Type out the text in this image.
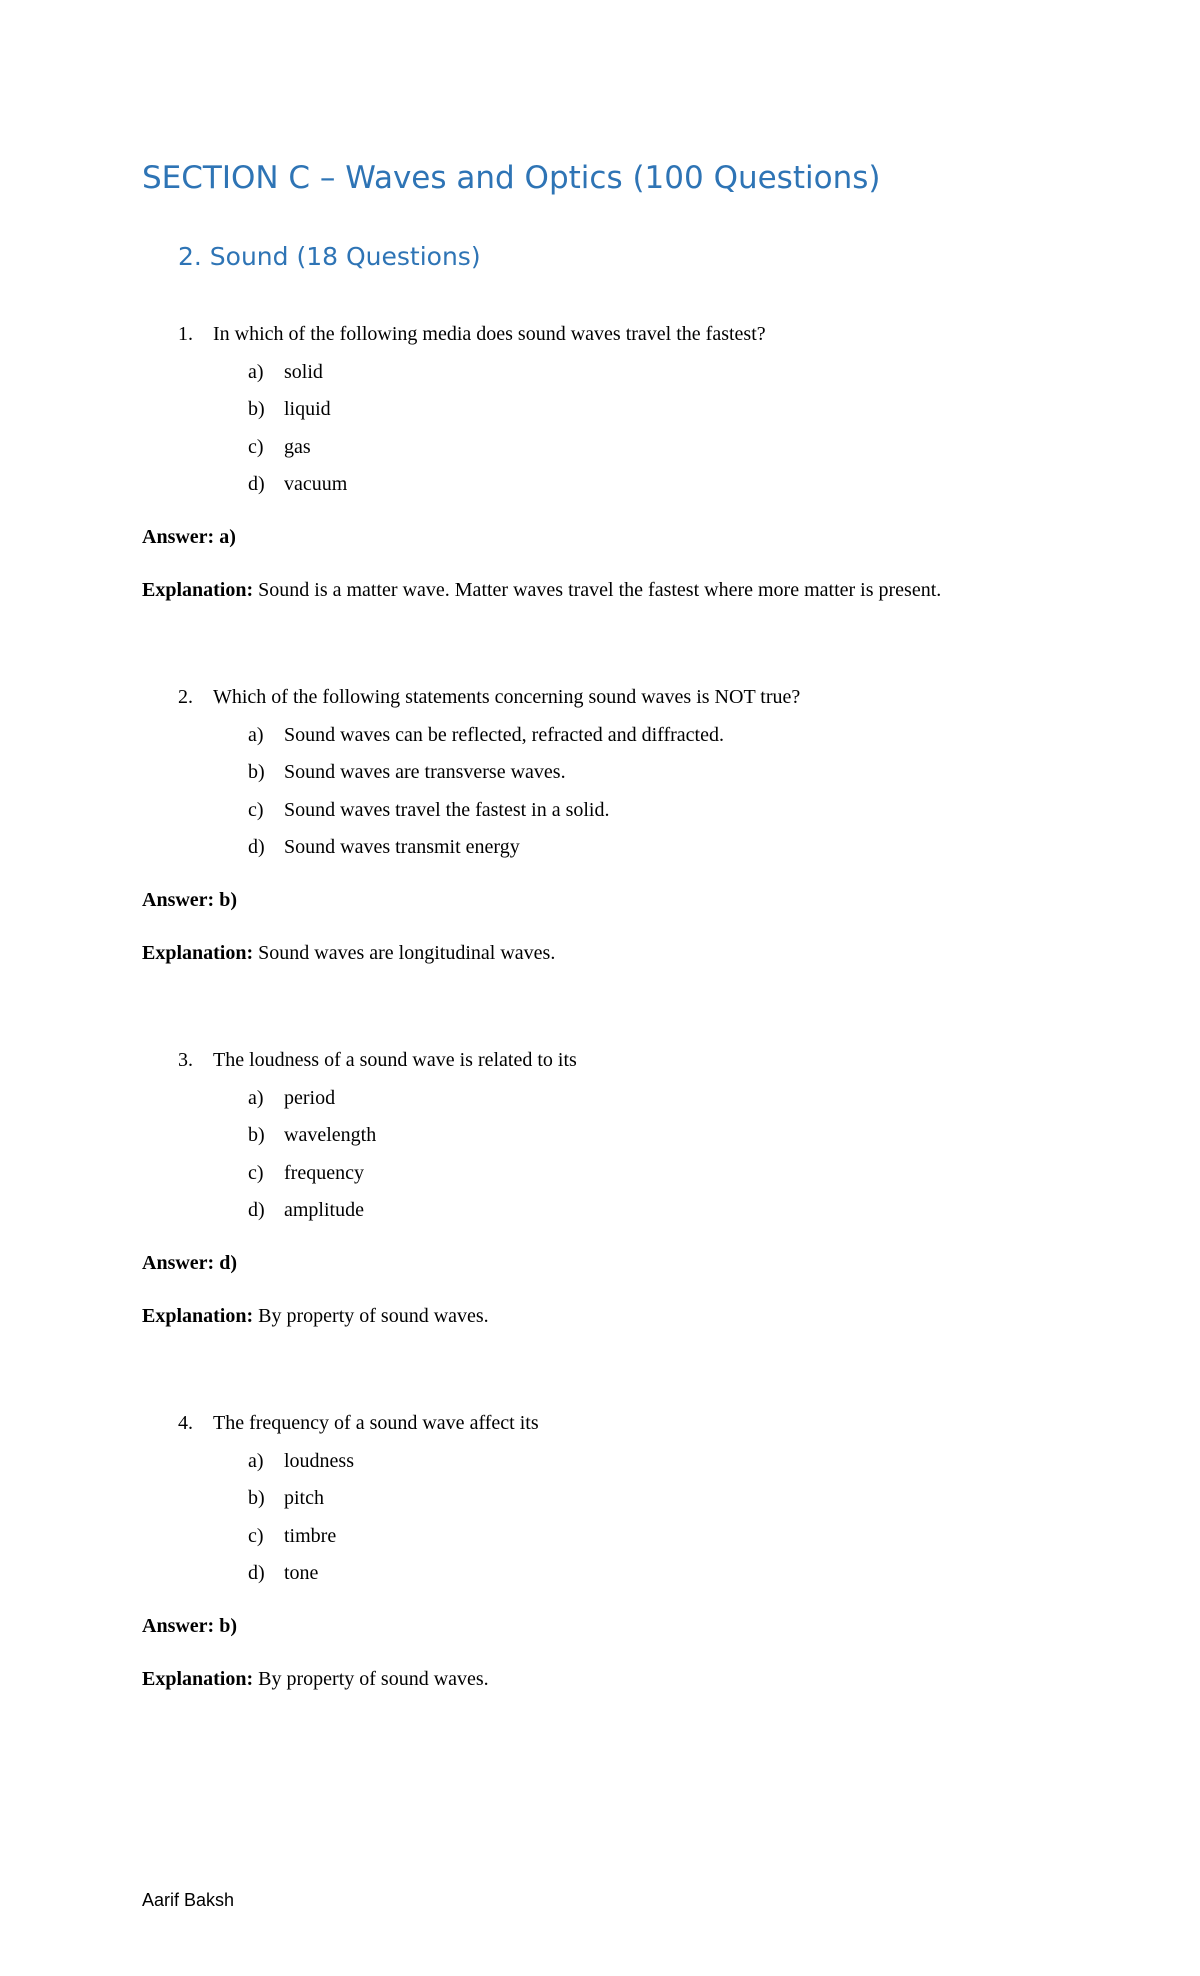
SECTION C – Waves and Optics (100 Questions)
2. Sound (18 Questions)
1. In which of the following media does sound waves travel the fastest?
a) solid
b) liquid
c) gas
d) vacuum
Answer: a)
Explanation: Sound is a matter wave. Matter waves travel the fastest where more matter is present.
2. Which of the following statements concerning sound waves is NOT true?
a) Sound waves can be reflected, refracted and diffracted.
b) Sound waves are transverse waves.
c) Sound waves travel the fastest in a solid.
d) Sound waves transmit energy
Answer: b)
Explanation: Sound waves are longitudinal waves.
3. The loudness of a sound wave is related to its
a) period
b) wavelength
c) frequency
d) amplitude
Answer: d)
Explanation: By property of sound waves.
4. The frequency of a sound wave affect its
a) loudness
b) pitch
c) timbre
d) tone
Answer: b)
Explanation: By property of sound waves.
Aarif Baksh
